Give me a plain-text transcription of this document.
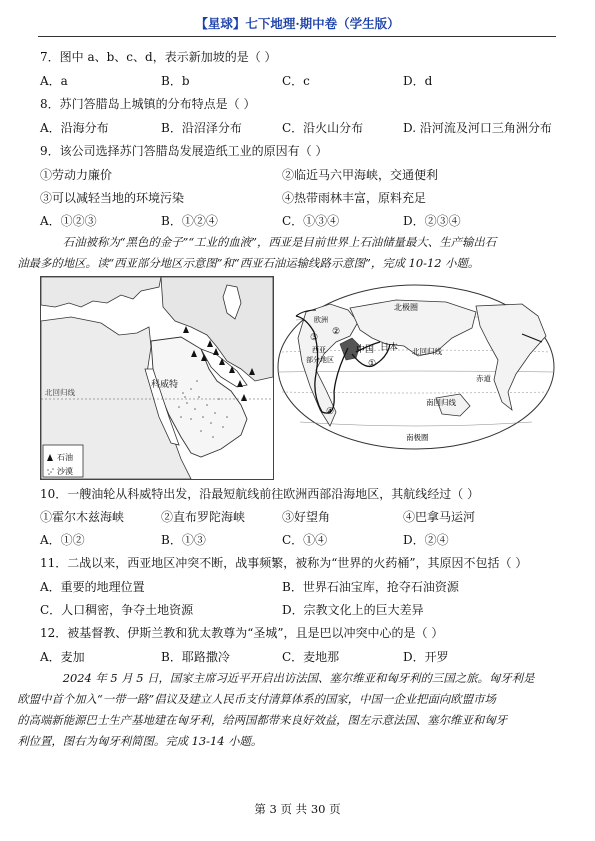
【星球】七下地理·期中卷（学生版）
7．图中 a、b、c、d，表示新加坡的是（ ）
A．a	B．b	C．c	D．d
8．苏门答腊岛上城镇的分布特点是（ ）
A．沿海分布	B．沿沼泽分布	C．沿火山分布	D. 沿河流及河口三角洲分布
9．该公司选择苏门答腊岛发展造纸工业的原因有（ ）
①劳动力廉价	②临近马六甲海峡，交通便利
③可以减轻当地的环境污染	④热带雨林丰富，原料充足
A．①②③	B．①②④	C．①③④	D．②③④
石油被称为“黑色的金子”“工业的血液”，西亚是目前世界上石油储量最大、生产输出石
油最多的地区。读“西亚部分地区示意图”和“西亚石油运输线路示意图”，完成 10-12 小题。
北回归线
科威特
石油
沙漠
北极圈
中国 日本 北回归线
赤道
南回归线
南极圈
西亚
部分地区
欧洲
③
①
②
④
10．一艘油轮从科威特出发，沿最短航线前往欧洲西部沿海地区，其航线经过（ ）
①霍尔木兹海峡	②直布罗陀海峡	③好望角	④巴拿马运河
A．①②	B．①③	C．①④	D．②④
11．二战以来，西亚地区冲突不断，战事频繁，被称为“世界的火药桶”，其原因不包括（ ）
A．重要的地理位置	B．世界石油宝库，抢夺石油资源
C．人口稠密，争夺土地资源	D．宗教文化上的巨大差异
12．被基督教、伊斯兰教和犹太教尊为“圣城”，且是巴以冲突中心的是（ ）
A．麦加	B．耶路撒冷	C．麦地那	D．开罗
2024 年 5 月 5 日，国家主席习近平开启出访法国、塞尔维亚和匈牙利的三国之旅。匈牙利是
欧盟中首个加入“一带一路”倡议及建立人民币支付清算体系的国家，中国一企业把面向欧盟市场
的高端新能源巴士生产基地建在匈牙利，给两国都带来良好效益，图左示意法国、塞尔维亚和匈牙
利位置，图右为匈牙利简图。完成 13-14 小题。
第 3 页 共 30 页
